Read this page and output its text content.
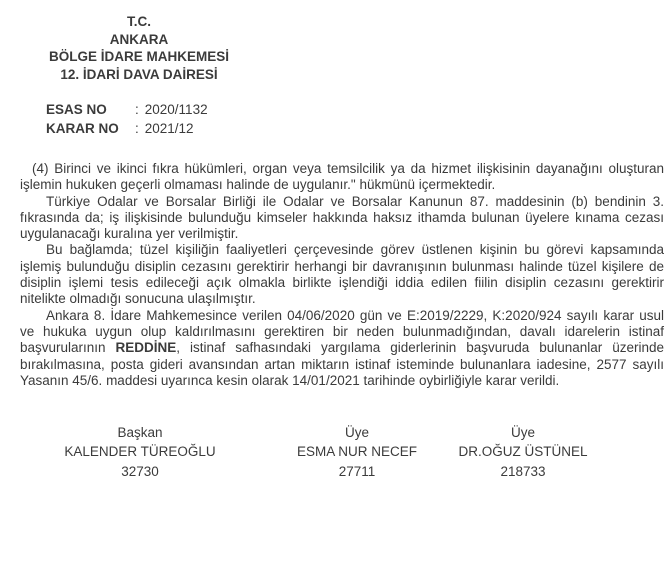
T.C.
ANKARA
BÖLGE İDARE MAHKEMESİ
12. İDARİ DAVA DAİRESİ
ESAS NO	: 2020/1132
KARAR NO	: 2021/12

(4) Birinci ve ikinci fıkra hükümleri, organ veya temsilcilik ya da hizmet ilişkisinin dayanağını oluşturan işlemin hukuken geçerli olmaması halinde de uygulanır." hükmünü içermektedir.

Türkiye Odalar ve Borsalar Birliği ile Odalar ve Borsalar Kanunun 87. maddesinin (b) bendinin 3. fıkrasında da; iş ilişkisinde bulunduğu kimseler hakkında haksız ithamda bulunan üyelere kınama cezası uygulanacağı kuralına yer verilmiştir.

Bu bağlamda; tüzel kişiliğin faaliyetleri çerçevesinde görev üstlenen kişinin bu görevi kapsamında işlemiş bulunduğu disiplin cezasını gerektirir herhangi bir davranışının bulunması halinde tüzel kişilere de disiplin işlemi tesis edileceği açık olmakla birlikte işlendiği iddia edilen fiilin disiplin cezasını gerektirir nitelikte olmadığı sonucuna ulaşılmıştır.

Ankara 8. İdare Mahkemesince verilen 04/06/2020 gün ve E:2019/2229, K:2020/924 sayılı karar usul ve hukuka uygun olup kaldırılmasını gerektiren bir neden bulunmadığından, davalı idarelerin istinaf başvurularının REDDİNE, istinaf safhasındaki yargılama giderlerinin başvuruda bulunanlar üzerinde bırakılmasına, posta gideri avansından artan miktarın istinaf isteminde bulunanlara iadesine, 2577 sayılı Yasanın 45/6. maddesi uyarınca kesin olarak 14/01/2021 tarihinde oybirliğiyle karar verildi.

Başkan
KALENDER TÜREOĞLU
32730
Üye
ESMA NUR NECEF
27711
Üye
DR.OĞUZ ÜSTÜNEL
218733
